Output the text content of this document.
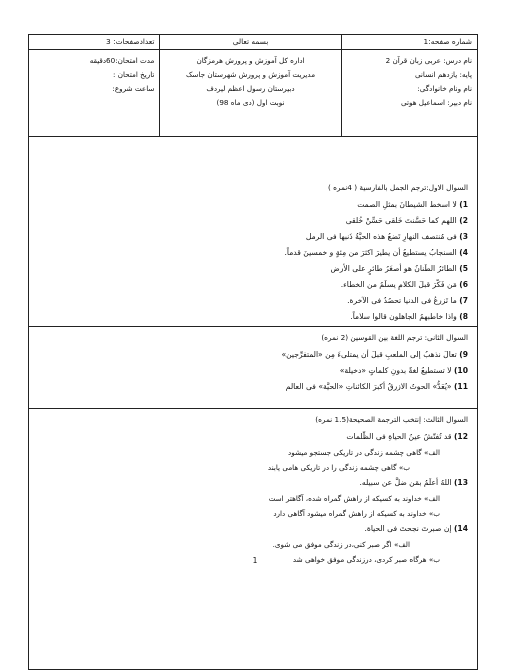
شماره صفحه:1
نام درس: عربی زبان قرآن 2
پایه: یازدهم انسانی
نام ونام خانوادگی:
نام دبیر: اسماعیل هوتی
بسمه تعالی
اداره کل آموزش و پرورش هرمزگان
مدیریت آموزش و پرورش شهرستان جاسک
دبیرستان رسول اعظم لیردف
نوبت اول (دی ماه 98)
تعدادصفحات: 3
مدت امتحان:60دقیقه
تاریخ امتحان :
ساعت شروع:
السوال الاول:ترجم الجمل بالفارسیة ( 4نمره )
1) لا اسخط الشیطانَ بمثلِ الصمت
2) اللهم کما حَسَّنتَ خَلقی حَسِّنْ خُلقی
3) فی مُنتصف النهارِ تَضعُ هذه الحیَّةُ ذَنبها فی الرمل
4) السنجابُ یستطیعُ أن یطیرَ اکثرَ من مِئةٍ و خمسینَ قدماً.
5) الطائرُ الطَنانُ هو أصغَرُ طائرٍ علی الأرض
6) مَن فَکّرَ قبلَ الکلامِ یسلَمُ من الخطاء.
7) ما تَزرعُ فی الدنیا تحصُدُ فی الآخرة.
8) واذا خاطبهمُ الجاهلون قالوا سلاماً.
السوال الثانی: ترجم اللغة بین القوسین (2 نمره)
9) تعالَ نذهبُ إلی الملعبِ قبلَ أن یمتلیءَ مِن «المتفرِّجین»
10) لا تستطیعُ لغةٌ بدونِ کلماتٍ «دخیلة»
11) «یُعَدُّ» الحوتُ الازرقُ أکبرَ الکائناتِ «الحیَّة» فی العالم
السوال الثالث: إنتخب الترجمة الصحیحة(1.5 نمره)
12) قد تُفتّشُ عینُ الحیاةِ فی الظّلمات
الف» گاهی چشمه زندگی در تاریکی جستجو میشود
ب» گاهی چشمه زندگی را در تاریکی هامی یابند
13) اللهُ أعلَمُ بمَن ضلَّ عن سبیله.
الف» خداوند به کسیکه از راهش گمراه شده، آگاهتر است
ب» خداوند به کسیکه از راهش گمراه میشود آگاهی دارد
14) إن صبرتَ نجحتَ فی الحیاة.
الف» اگر صبر کنی،در زندگی موفق می شوی.
ب» هرگاه صبر کردی، درزندگی موفق خواهی شد
1
